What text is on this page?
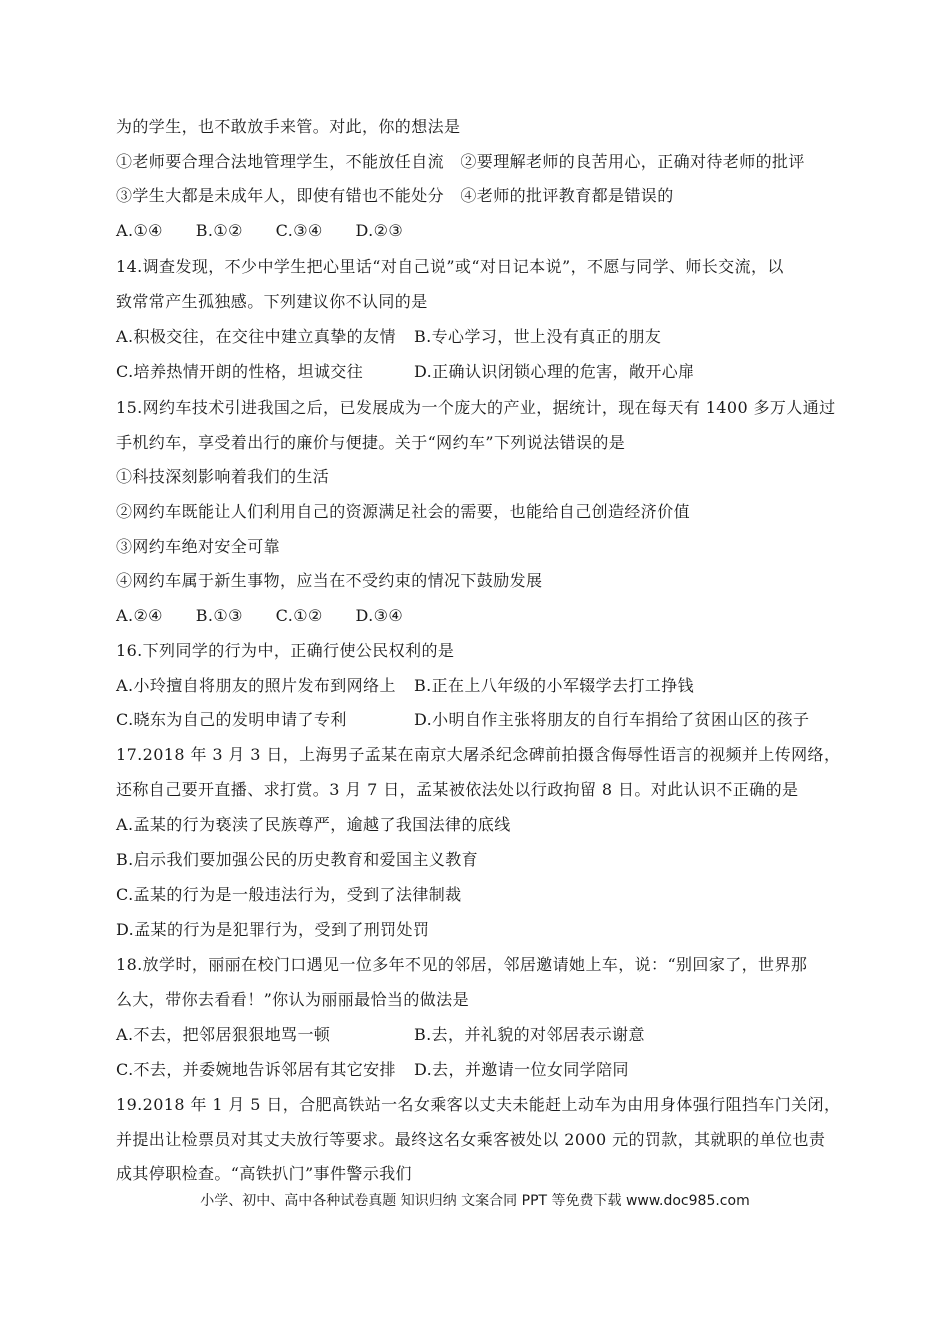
为的学生，也不敢放手来管。对此，你的想法是
①老师要合理合法地管理学生，不能放任自流　②要理解老师的良苦用心，正确对待老师的批评
③学生大都是未成年人，即使有错也不能处分　④老师的批评教育都是错误的
A.①④　　B.①②　　C.③④　　D.②③
14.调查发现，不少中学生把心里话“对自己说”或“对日记本说”，不愿与同学、师长交流，以
致常常产生孤独感。下列建议你不认同的是
A.积极交往，在交往中建立真挚的友情 B.专心学习，世上没有真正的朋友
C.培养热情开朗的性格，坦诚交往	D.正确认识闭锁心理的危害，敞开心扉
15.网约车技术引进我国之后，已发展成为一个庞大的产业，据统计，现在每天有 1400 多万人通过
手机约车，享受着出行的廉价与便捷。关于“网约车”下列说法错误的是
①科技深刻影响着我们的生活
②网约车既能让人们利用自己的资源满足社会的需要，也能给自己创造经济价值
③网约车绝对安全可靠
④网约车属于新生事物，应当在不受约束的情况下鼓励发展
A.②④　　B.①③　　C.①②　　D.③④
16.下列同学的行为中，正确行使公民权利的是
A.小玲擅自将朋友的照片发布到网络上 B.正在上八年级的小军辍学去打工挣钱
C.晓东为自己的发明申请了专利	D.小明自作主张将朋友的自行车捐给了贫困山区的孩子
17.2018 年 3 月 3 日，上海男子孟某在南京大屠杀纪念碑前拍摄含侮辱性语言的视频并上传网络，
还称自己要开直播、求打赏。3 月 7 日，孟某被依法处以行政拘留 8 日。对此认识不正确的是
A.孟某的行为亵渎了民族尊严，逾越了我国法律的底线
B.启示我们要加强公民的历史教育和爱国主义教育
C.孟某的行为是一般违法行为，受到了法律制裁
D.孟某的行为是犯罪行为，受到了刑罚处罚
18.放学时，丽丽在校门口遇见一位多年不见的邻居，邻居邀请她上车，说：“别回家了，世界那
么大，带你去看看！”你认为丽丽最恰当的做法是
A.不去，把邻居狠狠地骂一顿	B.去，并礼貌的对邻居表示谢意
C.不去，并委婉地告诉邻居有其它安排 D.去，并邀请一位女同学陪同
19.2018 年 1 月 5 日，合肥高铁站一名女乘客以丈夫未能赶上动车为由用身体强行阻挡车门关闭，
并提出让检票员对其丈夫放行等要求。最终这名女乘客被处以 2000 元的罚款，其就职的单位也责
成其停职检查。“高铁扒门”事件警示我们
小学、初中、高中各种试卷真题 知识归纳 文案合同 PPT 等免费下载 www.doc985.com
